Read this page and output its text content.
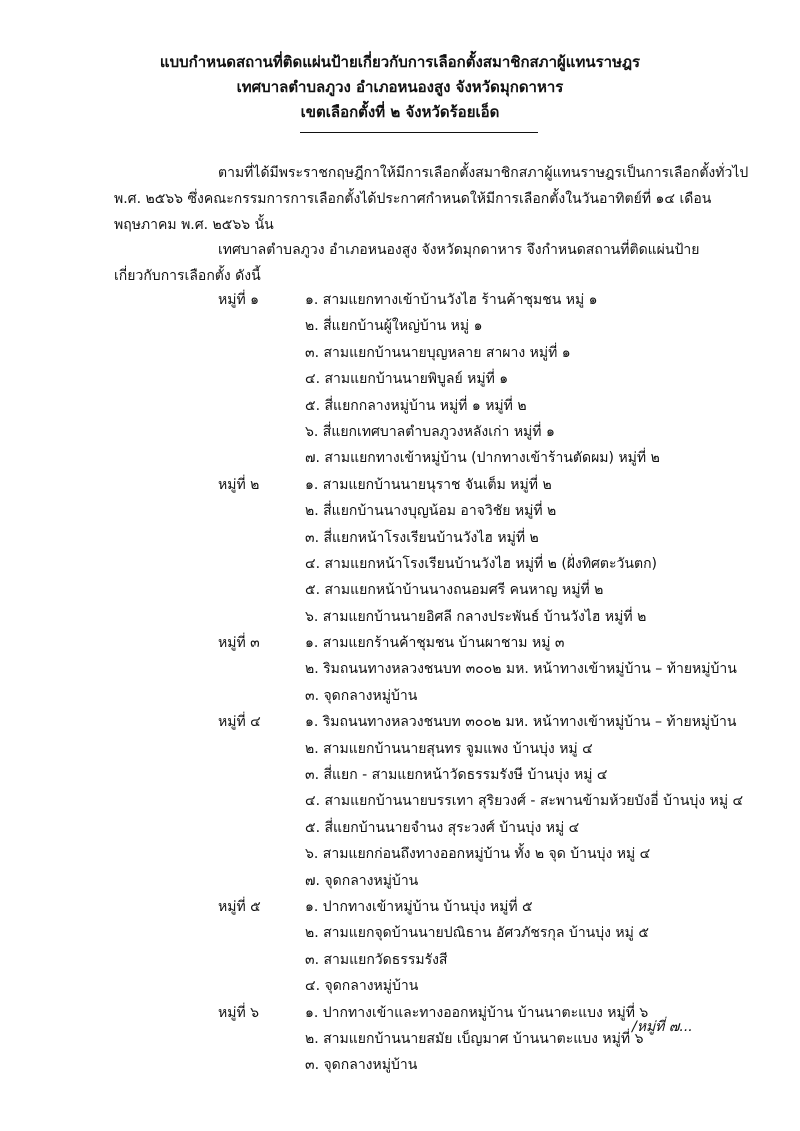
แบบกำหนดสถานที่ติดแผ่นป้ายเกี่ยวกับการเลือกตั้งสมาชิกสภาผู้แทนราษฎร
เทศบาลตำบลภูวง อำเภอหนองสูง จังหวัดมุกดาหาร
เขตเลือกตั้งที่ ๒ จังหวัดร้อยเอ็ด
ตามที่ได้มีพระราชกฤษฎีกาให้มีการเลือกตั้งสมาชิกสภาผู้แทนราษฎรเป็นการเลือกตั้งทั่วไป
พ.ศ. ๒๕๖๖ ซึ่งคณะกรรมการการเลือกตั้งได้ประกาศกำหนดให้มีการเลือกตั้งในวันอาทิตย์ที่ ๑๔ เดือน
พฤษภาคม พ.ศ. ๒๕๖๖ นั้น
เทศบาลตำบลภูวง อำเภอหนองสูง จังหวัดมุกดาหาร จึงกำหนดสถานที่ติดแผ่นป้าย
เกี่ยวกับการเลือกตั้ง ดังนี้
หมู่ที่ ๑	๑. สามแยกทางเข้าบ้านวังไฮ ร้านค้าชุมชน หมู่ ๑
๒. สี่แยกบ้านผู้ใหญ่บ้าน หมู่ ๑
๓. สามแยกบ้านนายบุญหลาย สาผาง หมู่ที่ ๑
๔. สามแยกบ้านนายพิบูลย์ หมู่ที่ ๑
๕. สี่แยกกลางหมู่บ้าน หมู่ที่ ๑ หมู่ที่ ๒
๖. สี่แยกเทศบาลตำบลภูวงหลังเก่า หมู่ที่ ๑
๗. สามแยกทางเข้าหมู่บ้าน (ปากทางเข้าร้านตัดผม) หมู่ที่ ๒
หมู่ที่ ๒	๑. สามแยกบ้านนายนุราช จันเต็ม หมู่ที่ ๒
๒. สี่แยกบ้านนางบุญน้อม อาจวิชัย หมู่ที่ ๒
๓. สี่แยกหน้าโรงเรียนบ้านวังไฮ หมู่ที่ ๒
๔. สามแยกหน้าโรงเรียนบ้านวังไฮ หมู่ที่ ๒ (ฝั่งทิศตะวันตก)
๕. สามแยกหน้าบ้านนางถนอมศรี คนหาญ หมู่ที่ ๒
๖. สามแยกบ้านนายอิศลี กลางประพันธ์ บ้านวังไฮ หมู่ที่ ๒
หมู่ที่ ๓	๑. สามแยกร้านค้าชุมชน บ้านผาชาม หมู่ ๓
๒. ริมถนนทางหลวงชนบท ๓๐๐๒ มห. หน้าทางเข้าหมู่บ้าน – ท้ายหมู่บ้าน
๓. จุดกลางหมู่บ้าน
หมู่ที่ ๔	๑. ริมถนนทางหลวงชนบท ๓๐๐๒ มห. หน้าทางเข้าหมู่บ้าน – ท้ายหมู่บ้าน
๒. สามแยกบ้านนายสุนทร จูมแพง บ้านบุ่ง หมู่ ๔
๓. สี่แยก - สามแยกหน้าวัดธรรมรังษี บ้านบุ่ง หมู่ ๔
๔. สามแยกบ้านนายบรรเทา สุริยวงศ์ - สะพานข้ามห้วยบังอี่ บ้านบุ่ง หมู่ ๔
๕. สี่แยกบ้านนายจำนง สุระวงศ์ บ้านบุ่ง หมู่ ๔
๖. สามแยกก่อนถึงทางออกหมู่บ้าน ทั้ง ๒ จุด บ้านบุ่ง หมู่ ๔
๗. จุดกลางหมู่บ้าน
หมู่ที่ ๕	๑. ปากทางเข้าหมู่บ้าน บ้านบุ่ง หมู่ที่ ๕
๒. สามแยกจุดบ้านนายปณิธาน อัศวภัชรกุล บ้านบุ่ง หมู่ ๕
๓. สามแยกวัดธรรมรังสี
๔. จุดกลางหมู่บ้าน
หมู่ที่ ๖	๑. ปากทางเข้าและทางออกหมู่บ้าน บ้านนาตะแบง หมู่ที่ ๖
๒. สามแยกบ้านนายสมัย เบ็ญมาศ บ้านนาตะแบง หมู่ที่ ๖
๓. จุดกลางหมู่บ้าน
/หมู่ที่ ๗...
